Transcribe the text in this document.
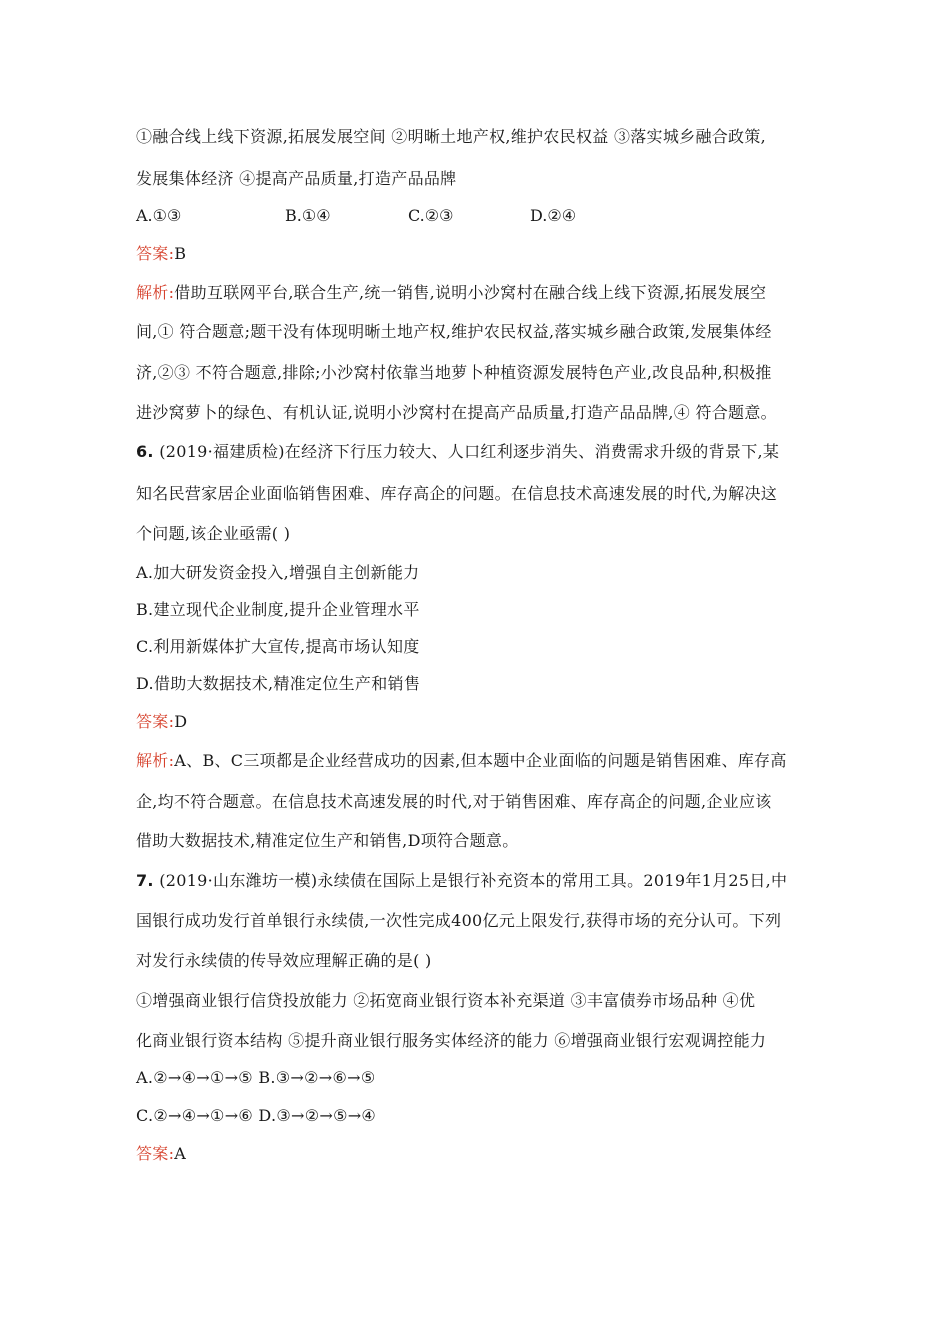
①融合线上线下资源,拓展发展空间 ②明晰土地产权,维护农民权益 ③落实城乡融合政策,
发展集体经济 ④提高产品质量,打造产品品牌
A.①③	B.①④	C.②③	D.②④
答案:B
解析:借助互联网平台,联合生产,统一销售,说明小沙窝村在融合线上线下资源,拓展发展空
间,① 符合题意;题干没有体现明晰土地产权,维护农民权益,落实城乡融合政策,发展集体经
济,②③ 不符合题意,排除;小沙窝村依靠当地萝卜种植资源发展特色产业,改良品种,积极推
进沙窝萝卜的绿色、有机认证,说明小沙窝村在提高产品质量,打造产品品牌,④ 符合题意。
6. (2019·福建质检)在经济下行压力较大、人口红利逐步消失、消费需求升级的背景下,某
知名民营家居企业面临销售困难、库存高企的问题。在信息技术高速发展的时代,为解决这
个问题,该企业亟需( )
A.加大研发资金投入,增强自主创新能力
B.建立现代企业制度,提升企业管理水平
C.利用新媒体扩大宣传,提高市场认知度
D.借助大数据技术,精准定位生产和销售
答案:D
解析:A、B、C三项都是企业经营成功的因素,但本题中企业面临的问题是销售困难、库存高
企,均不符合题意。在信息技术高速发展的时代,对于销售困难、库存高企的问题,企业应该
借助大数据技术,精准定位生产和销售,D项符合题意。
7. (2019·山东潍坊一模)永续债在国际上是银行补充资本的常用工具。2019年1月25日,中
国银行成功发行首单银行永续债,一次性完成400亿元上限发行,获得市场的充分认可。下列
对发行永续债的传导效应理解正确的是( )
①增强商业银行信贷投放能力 ②拓宽商业银行资本补充渠道 ③丰富债券市场品种 ④优
化商业银行资本结构 ⑤提升商业银行服务实体经济的能力 ⑥增强商业银行宏观调控能力
A.②→④→①→⑤ B.③→②→⑥→⑤
C.②→④→①→⑥ D.③→②→⑤→④
答案:A
